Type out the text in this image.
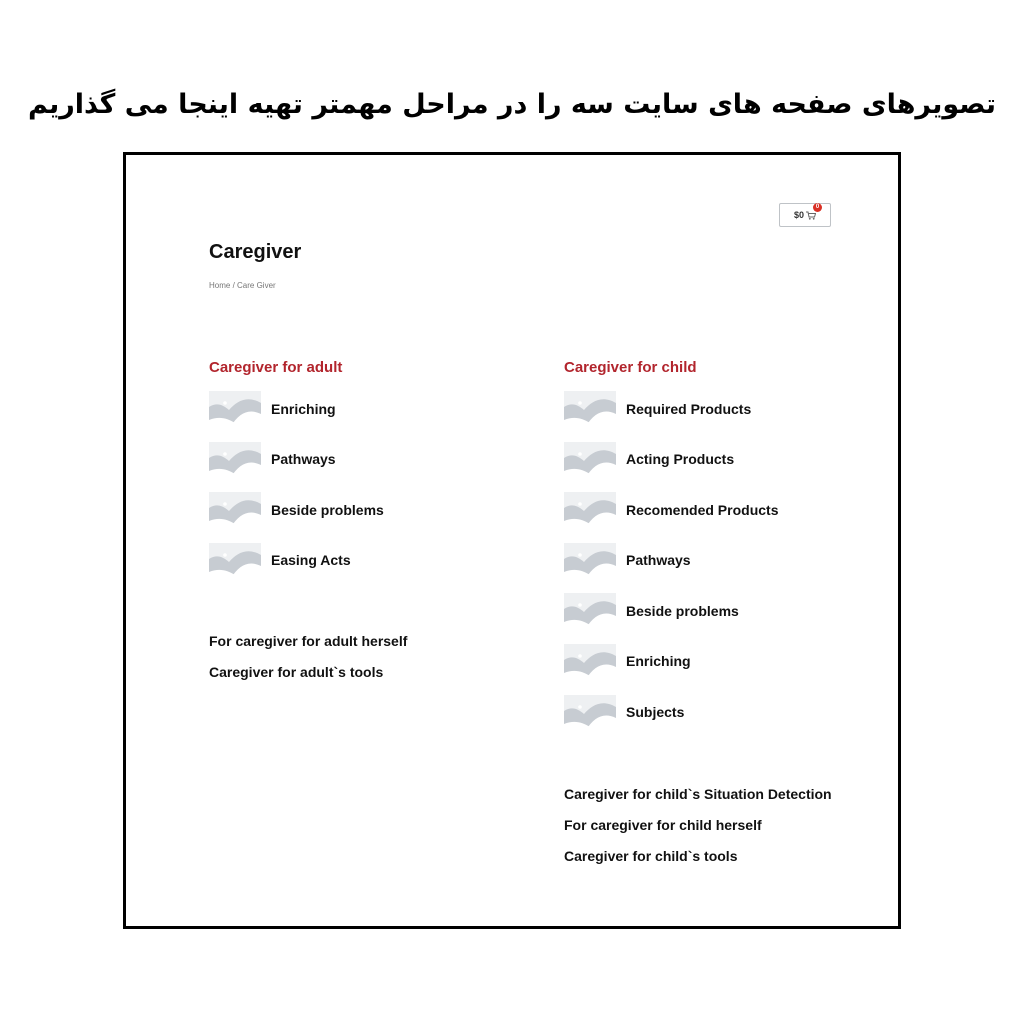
تصویرهای صفحه های سایت سه را در مراحل مهمتر تهیه اینجا می گذاریم
$0
0
Caregiver
Home / Care Giver
Caregiver for adult
Enriching
Pathways
Beside problems
Easing Acts
Caregiver for child
Required Products
Acting Products
Recomended Products
Pathways
Beside problems
Enriching
Subjects
For caregiver for adult herself
Caregiver for adult`s tools
Caregiver for child`s Situation Detection
For caregiver for child herself
Caregiver for child`s tools
